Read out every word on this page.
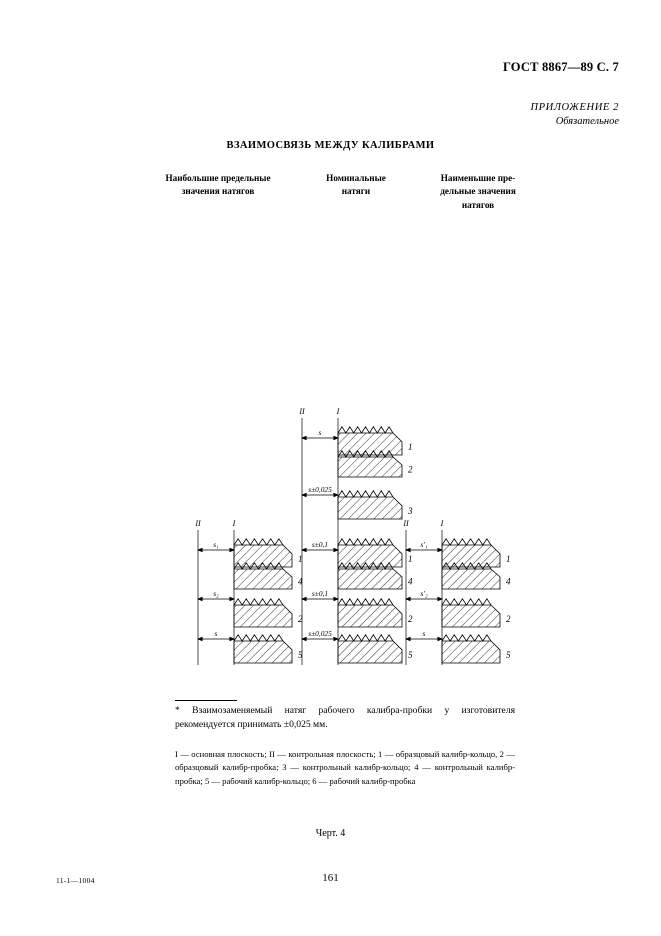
ГОСТ 8867—89 С. 7
ПРИЛОЖЕНИЕ 2
Обязательное
ВЗАИМОСВЯЗЬ МЕЖДУ КАЛИБРАМИ
Наибольшие предельные
значения натягов
Номинальные
натяги
Наименьшие пре-
дельные значения
натягов
II	I
II	I
II	I
1
2
3
1
4
2
5
s
s±0,025
s±0,1
s±0,1
s±0,025
1
4
2
5
s₁
s₂
s
1
4
2
5
s'₁
s'₂
s
* Взаимозаменяемый натяг рабочего калибра-пробки у изготовителя рекомендуется принимать ±0,025 мм.
I — основная плоскость; II — контрольная плоскость; 1 — образцовый калибр-кольцо, 2 — образцовый калибр-пробка; 3 — контрольный калибр-кольцо; 4 — контрольный калибр-пробка; 5 — рабочий калибр-кольцо; 6 — рабочий калибр-пробка
Черт. 4
11-1—1004	161
